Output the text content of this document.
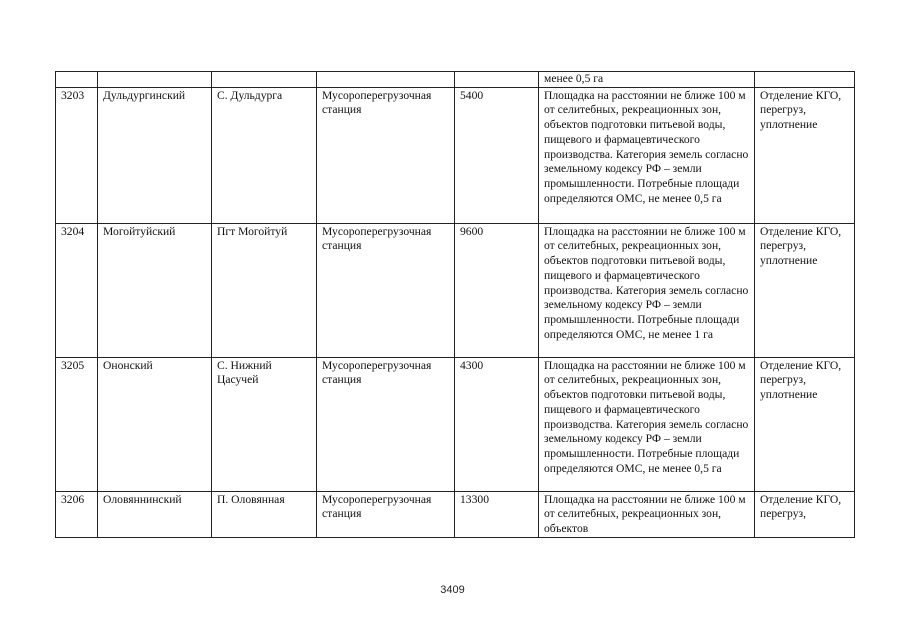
					менее 0,5 га	
3203	Дульдургинский	С. Дульдурга	Мусороперегрузочная станция	5400	Площадка на расстоянии не ближе 100 м от селитебных, рекреационных зон, объектов подготовки питьевой воды, пищевого и фармацевтического производства. Категория земель согласно земельному кодексу РФ – земли промышленности. Потребные площади определяются ОМС, не менее 0,5 га	Отделение КГО, перегруз, уплотнение
3204	Могойтуйский	Пгт Могойтуй	Мусороперегрузочная станция	9600	Площадка на расстоянии не ближе 100 м от селитебных, рекреационных зон, объектов подготовки питьевой воды, пищевого и фармацевтического производства. Категория земель согласно земельному кодексу РФ – земли промышленности. Потребные площади определяются ОМС, не менее 1 га	Отделение КГО, перегруз, уплотнение
3205	Ононский	С. Нижний Цасучей	Мусороперегрузочная станция	4300	Площадка на расстоянии не ближе 100 м от селитебных, рекреационных зон, объектов подготовки питьевой воды, пищевого и фармацевтического производства. Категория земель согласно земельному кодексу РФ – земли промышленности. Потребные площади определяются ОМС, не менее 0,5 га	Отделение КГО, перегруз, уплотнение
3206	Оловяннинский	П. Оловянная	Мусороперегрузочная станция	13300	Площадка на расстоянии не ближе 100 м от селитебных, рекреационных зон, объектов	Отделение КГО, перегруз,
3409
